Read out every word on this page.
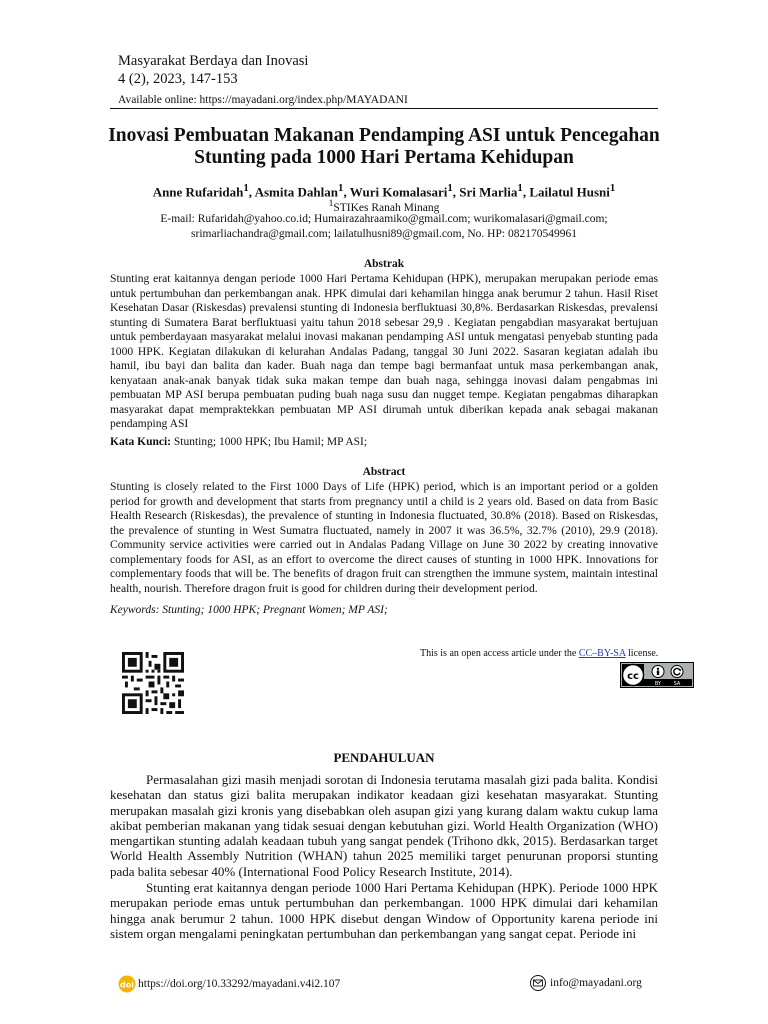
Masyarakat Berdaya dan Inovasi
4 (2), 2023, 147-153
Available online: https://mayadani.org/index.php/MAYADANI
Inovasi Pembuatan Makanan Pendamping ASI untuk Pencegahan
Stunting pada 1000 Hari Pertama Kehidupan
Anne Rufaridah$^1$, Asmita Dahlan$^1$, Wuri Komalasari$^1$, Sri Marlia$^1$, Lailatul Husni$^1$
$^1$STIKes Ranah Minang
E-mail: Rufaridah@yahoo.co.id; Humairazahraamiko@gmail.com; wurikomalasari@gmail.com;
srimarliachandra@gmail.com; lailatulhusni89@gmail.com, No. HP: 082170549961
Abstrak
Stunting erat kaitannya dengan periode 1000 Hari Pertama Kehidupan (HPK), merupakan merupakan periode emas untuk pertumbuhan dan perkembangan anak. HPK dimulai dari kehamilan hingga anak berumur 2 tahun. Hasil Riset Kesehatan Dasar (Riskesdas) prevalensi stunting di Indonesia berfluktuasi 30,8%. Berdasarkan Riskesdas, prevalensi stunting di Sumatera Barat berfluktuasi yaitu tahun 2018 sebesar 29,9 . Kegiatan pengabdian masyarakat bertujuan untuk pemberdayaan masyarakat melalui inovasi makanan pendamping ASI untuk mengatasi penyebab stunting pada 1000 HPK. Kegiatan dilakukan di kelurahan Andalas Padang, tanggal 30 Juni 2022. Sasaran kegiatan adalah ibu hamil, ibu bayi dan balita dan kader. Buah naga dan tempe bagi bermanfaat untuk masa perkembangan anak, kenyataan anak-anak banyak tidak suka makan tempe dan buah naga, sehingga inovasi dalam pengabmas ini pembuatan MP ASI berupa pembuatan puding buah naga susu dan nugget tempe. Kegiatan pengabmas diharapkan masyarakat dapat mempraktekkan pembuatan MP ASI dirumah untuk diberikan kepada anak sebagai makanan pendamping ASI
Kata Kunci: Stunting; 1000 HPK; Ibu Hamil; MP ASI;
Abstract
Stunting is closely related to the First 1000 Days of Life (HPK) period, which is an important period or a golden period for growth and development that starts from pregnancy until a child is 2 years old. Based on data from Basic Health Research (Riskesdas), the prevalence of stunting in Indonesia fluctuated, 30.8% (2018). Based on Riskesdas, the prevalence of stunting in West Sumatra fluctuated, namely in 2007 it was 36.5%, 32.7% (2010), 29.9 (2018). Community service activities were carried out in Andalas Padang Village on June 30 2022 by creating innovative complementary foods for ASI, as an effort to overcome the direct causes of stunting in 1000 HPK. Innovations for complementary foods that will be. The benefits of dragon fruit can strengthen the immune system, maintain intestinal health, nourish. Therefore dragon fruit is good for children during their development period.
Keywords: Stunting; 1000 HPK; Pregnant Women; MP ASI;
This is an open access article under the CC–BY-SA license.
cc
BY	SA
PENDAHULUAN
Permasalahan gizi masih menjadi sorotan di Indonesia terutama masalah gizi pada balita. Kondisi kesehatan dan status gizi balita merupakan indikator keadaan gizi kesehatan masyarakat. Stunting merupakan masalah gizi kronis yang disebabkan oleh asupan gizi yang kurang dalam waktu cukup lama akibat pemberian makanan yang tidak sesuai dengan kebutuhan gizi. World Health Organization (WHO) mengartikan stunting adalah keadaan tubuh yang sangat pendek (Trihono dkk, 2015). Berdasarkan target World Health Assembly Nutrition (WHAN) tahun 2025 memiliki target penurunan proporsi stunting pada balita sebesar 40% (International Food Policy Research Institute, 2014).
Stunting erat kaitannya dengan periode 1000 Hari Pertama Kehidupan (HPK). Periode 1000 HPK merupakan periode emas untuk pertumbuhan dan perkembangan. 1000 HPK dimulai dari kehamilan hingga anak berumur 2 tahun. 1000 HPK disebut dengan Window of Opportunity karena periode ini sistem organ mengalami peningkatan pertumbuhan dan perkembangan yang sangat cepat. Periode ini
doi https://doi.org/10.33292/mayadani.v4i2.107	info@mayadani.org
